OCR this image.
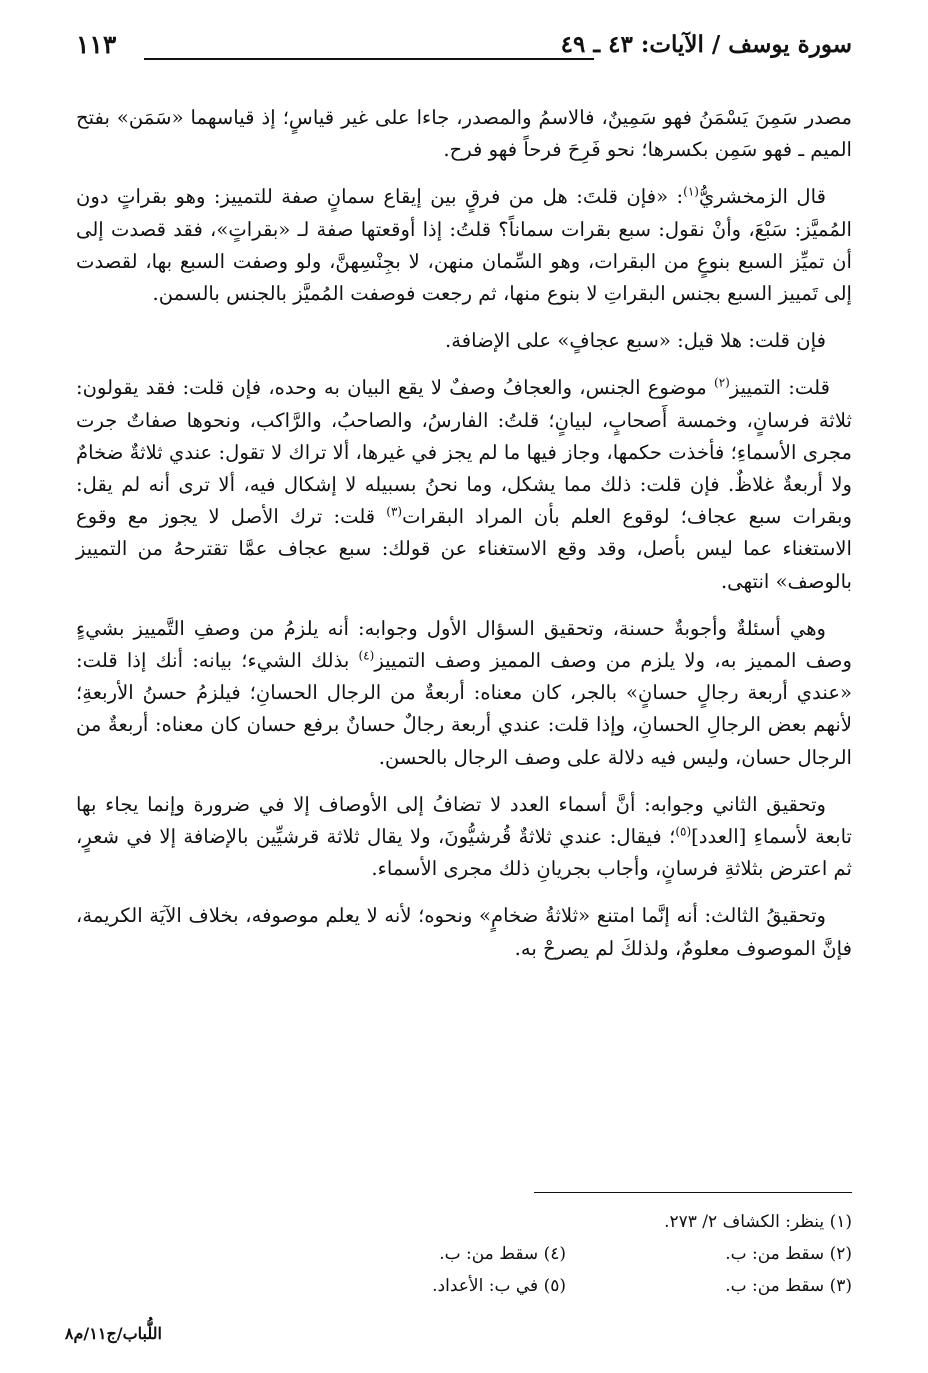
سورة يوسف / الآيات: ٤٣ ـ ٤٩
١١٣

مصدر سَمِنَ يَسْمَنُ فهو سَمِينٌ، فالاسمُ والمصدر، جاءا على غير قياسٍ؛ إذ قياسهما «سَمَن» بفتح الميم ـ فهو سَمِن بكسرها؛ نحو فَرِحَ فرحاً فهو فرح.

قال الزمخشريُّ$^{(١)}$: «فإن قلتَ: هل من فرقٍ بين إيقاع سمانٍ صفة للتمييز: وهو بقراتٍ دون المُميَّز: سَبْعَ، وأنْ نقول: سبع بقرات سماناً؟َ قلتُ: إذا أوقعتها صفة لـ «بقراتٍ»، فقد قصدت إلى أن تميِّز السبع بنوعٍ من البقرات، وهو السِّمان منهن، لا بجِنْسِهنَّ، ولو وصفت السبع بها، لقصدت إلى تَمييز السبع بجنس البقراتِ لا بنوع منها، ثم رجعت فوصفت المُميَّز بالجنس بالسمن.

فإن قلت: هلا قيل: «سبع عجافٍ» على الإضافة.

قلت: التمييز$^{(٢)}$ موضوع الجنس، والعجافُ وصفٌ لا يقع البيان به وحده، فإن قلت: فقد يقولون: ثلاثة فرسانٍ، وخمسة أَصحابٍ، لبيانٍ؛ قلتُ: الفارسُ، والصاحبُ، والرَّاكب، ونحوها صفاتٌ جرت مجرى الأسماءِ؛ فأخذت حكمها، وجاز فيها ما لم يجز في غيرها، ألا تراك لا تقول: عندي ثلاثةٌ ضخامٌ ولا أربعةٌ غلاظٌ. فإن قلت: ذلك مما يشكل، وما نحنُ بسبيله لا إشكال فيه، ألا ترى أنه لم يقل: وبقرات سبع عجاف؛ لوقوع العلم بأن المراد البقرات$^{(٣)}$ قلت: ترك الأصل لا يجوز مع وقوع الاستغناء عما ليس بأصل، وقد وقع الاستغناء عن قولك: سبع عجاف عمَّا تقترحهُ من التمييز بالوصف» انتهى.

وهي أسئلةٌ وأجوبةٌ حسنة، وتحقيق السؤال الأول وجوابه: أنه يلزمُ من وصفِ التَّمييز بشيءٍ وصف المميز به، ولا يلزم من وصف المميز وصف التمييز$^{(٤)}$ بذلك الشيء؛ بيانه: أنك إذا قلت: «عندي أربعة رجالٍ حسانٍ» بالجر، كان معناه: أربعةٌ من الرجال الحسانِ؛ فيلزمُ حسنُ الأربعةِ؛ لأنهم بعض الرجالِ الحسانِ، وإذا قلت: عندي أربعة رجالٌ حسانٌ برفع حسان كان معناه: أربعةٌ من الرجال حسان، وليس فيه دلالة على وصف الرجال بالحسن.

وتحقيق الثاني وجوابه: أنَّ أسماء العدد لا تضافُ إلى الأوصاف إلا في ضرورة وإنما يجاء بها تابعة لأسماءِ [العدد]$^{(٥)}$؛ فيقال: عندي ثلاثةٌ قُرشيُّونَ، ولا يقال ثلاثة قرشيِّين بالإضافة إلا في شعرٍ، ثم اعترض بثلاثةِ فرسانٍ، وأجاب بجريانِ ذلك مجرى الأسماء.

وتحقيقُ الثالث: أنه إنَّما امتنع «ثلاثةُ ضخامٍ» ونحوه؛ لأنه لا يعلم موصوفه، بخلاف الآيَة الكريمة، فإنَّ الموصوف معلومٌ، ولذلكَ لم يصرحْ به.

(١) ينظر: الكشاف ٢/ ٢٧٣.
(٢) سقط من: ب.
(٣) سقط من: ب.
(٤) سقط من: ب.
(٥) في ب: الأعداد.
اللُّباب/ج١١/م٨
